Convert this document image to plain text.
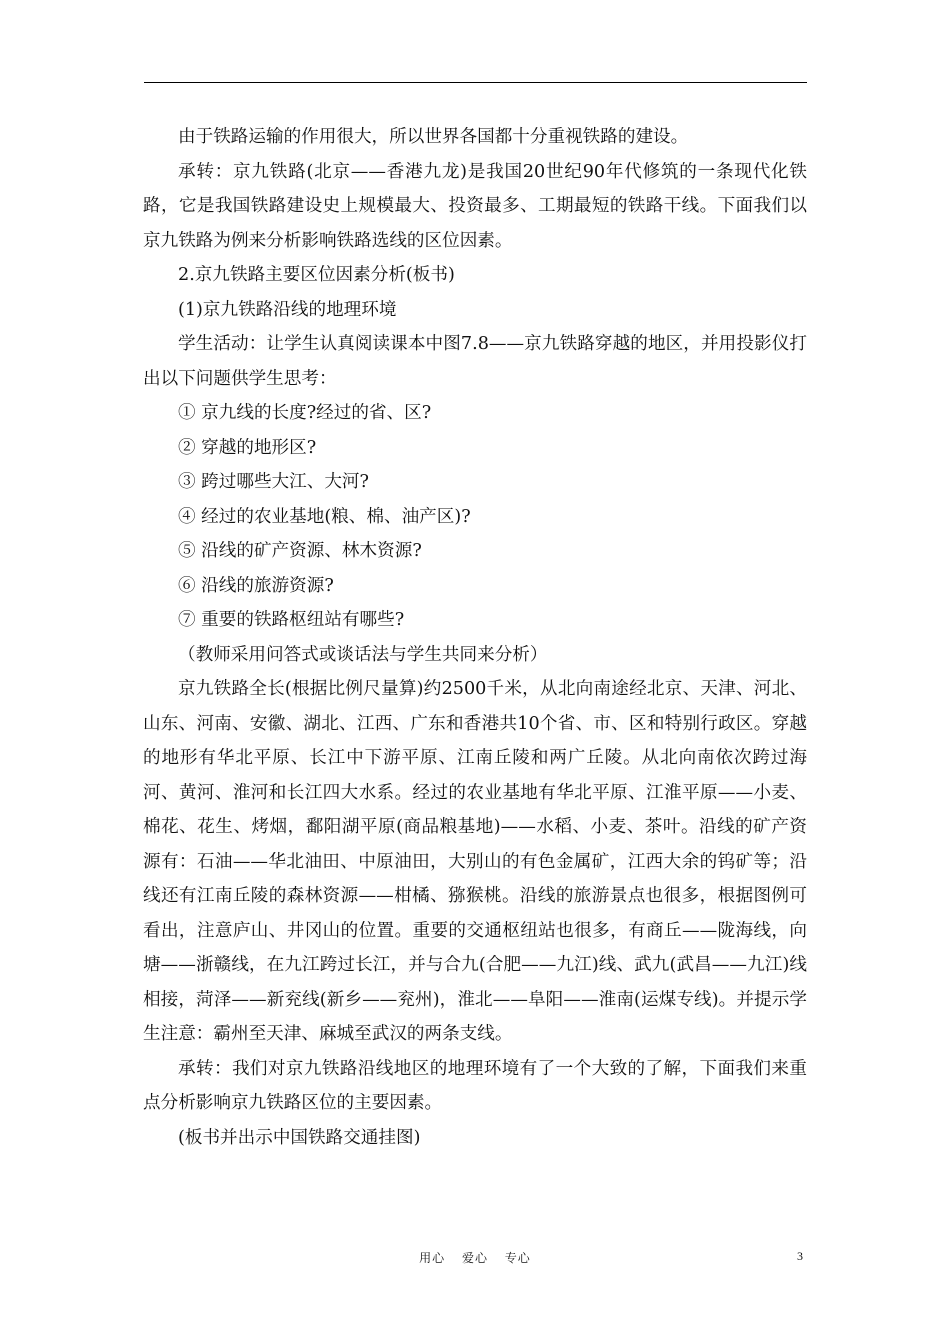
由于铁路运输的作用很大，所以世界各国都十分重视铁路的建设。

承转：京九铁路(北京——香港九龙)是我国20世纪90年代修筑的一条现代化铁路，它是我国铁路建设史上规模最大、投资最多、工期最短的铁路干线。下面我们以京九铁路为例来分析影响铁路选线的区位因素。

2.京九铁路主要区位因素分析(板书)

(1)京九铁路沿线的地理环境

学生活动：让学生认真阅读课本中图7.8——京九铁路穿越的地区，并用投影仪打出以下问题供学生思考：

① 京九线的长度?经过的省、区?

② 穿越的地形区?

③ 跨过哪些大江、大河?

④ 经过的农业基地(粮、棉、油产区)?

⑤ 沿线的矿产资源、林木资源?

⑥ 沿线的旅游资源?

⑦ 重要的铁路枢纽站有哪些?

（教师采用问答式或谈话法与学生共同来分析）

京九铁路全长(根据比例尺量算)约2500千米，从北向南途经北京、天津、河北、山东、河南、安徽、湖北、江西、广东和香港共10个省、市、区和特别行政区。穿越的地形有华北平原、长江中下游平原、江南丘陵和两广丘陵。从北向南依次跨过海河、黄河、淮河和长江四大水系。经过的农业基地有华北平原、江淮平原——小麦、棉花、花生、烤烟，鄱阳湖平原(商品粮基地)——水稻、小麦、茶叶。沿线的矿产资源有：石油——华北油田、中原油田，大别山的有色金属矿，江西大余的钨矿等；沿线还有江南丘陵的森林资源——柑橘、猕猴桃。沿线的旅游景点也很多，根据图例可看出，注意庐山、井冈山的位置。重要的交通枢纽站也很多，有商丘——陇海线，向塘——浙赣线，在九江跨过长江，并与合九(合肥——九江)线、武九(武昌——九江)线相接，菏泽——新兖线(新乡——兖州)，淮北——阜阳——淮南(运煤专线)。并提示学生注意：霸州至天津、麻城至武汉的两条支线。

承转：我们对京九铁路沿线地区的地理环境有了一个大致的了解，下面我们来重点分析影响京九铁路区位的主要因素。

(板书并出示中国铁路交通挂图)

用心 爱心 专心	3
